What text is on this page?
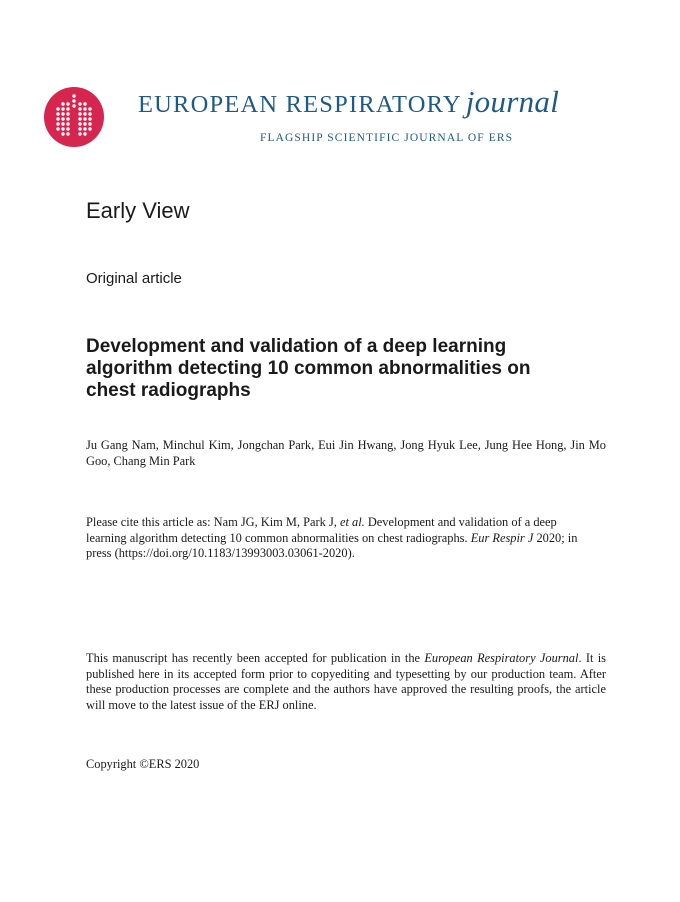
EUROPEAN RESPIRATORY journal
FLAGSHIP SCIENTIFIC JOURNAL OF ERS
Early View
Original article
Development and validation of a deep learning algorithm detecting 10 common abnormalities on chest radiographs
Ju Gang Nam, Minchul Kim, Jongchan Park, Eui Jin Hwang, Jong Hyuk Lee, Jung Hee Hong, Jin Mo Goo, Chang Min Park
Please cite this article as: Nam JG, Kim M, Park J, et al. Development and validation of a deep learning algorithm detecting 10 common abnormalities on chest radiographs. Eur Respir J 2020; in press (https://doi.org/10.1183/13993003.03061-2020).
This manuscript has recently been accepted for publication in the European Respiratory Journal. It is published here in its accepted form prior to copyediting and typesetting by our production team. After these production processes are complete and the authors have approved the resulting proofs, the article will move to the latest issue of the ERJ online.
Copyright ©ERS 2020
